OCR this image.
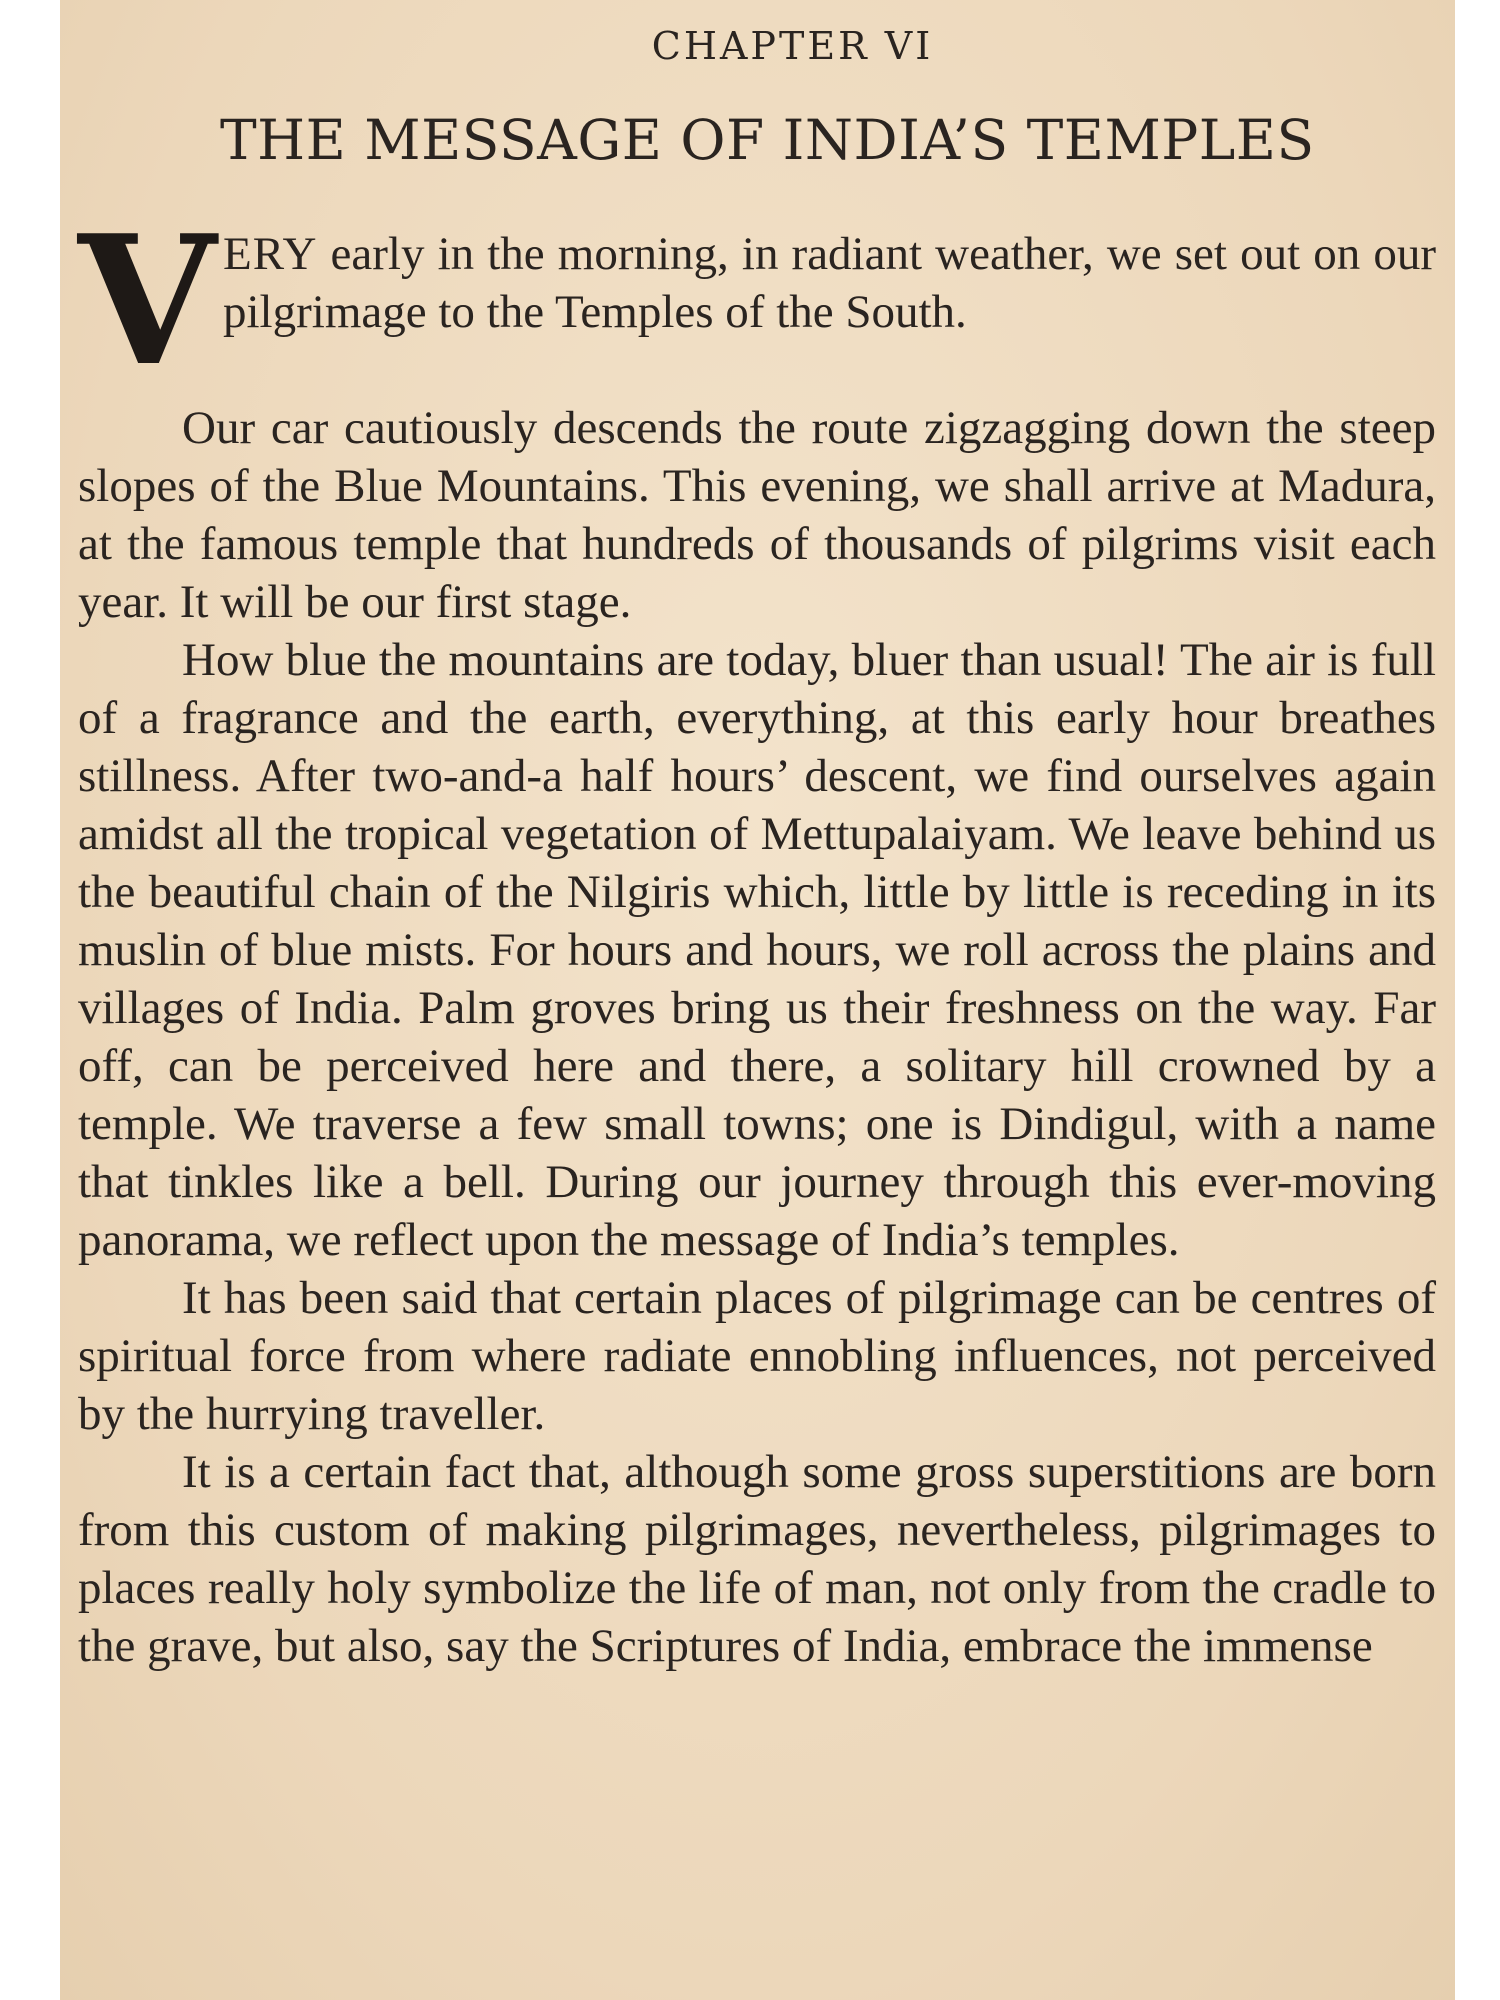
CHAPTER VI
THE MESSAGE OF INDIA’S TEMPLES

V ERY early in the morning, in radiant weather, we set out on our pilgrimage to the Temples of the South.

Our car cautiously descends the route zigzagging down the steep slopes of the Blue Mountains. This evening, we shall arrive at Madura, at the famous temple that hundreds of thousands of pilgrims visit each year. It will be our first stage.

How blue the mountains are today, bluer than usual! The air is full of a fragrance and the earth, everything, at this early hour breathes stillness. After two-and-a half hours’ descent, we find ourselves again amidst all the tropical vegetation of Mettupalaiyam. We leave behind us the beautiful chain of the Nilgiris which, little by little is receding in its muslin of blue mists. For hours and hours, we roll across the plains and villages of India. Palm groves bring us their freshness on the way. Far off, can be perceived here and there, a solitary hill crowned by a temple. We traverse a few small towns; one is Dindigul, with a name that tinkles like a bell. During our journey through this ever-moving panorama, we reflect upon the message of India’s temples.

It has been said that certain places of pilgrimage can be centres of spiritual force from where radiate ennobling influences, not perceived by the hurrying traveller.

It is a certain fact that, although some gross superstitions are born from this custom of making pilgrimages, nevertheless, pilgrimages to places really holy symbolize the life of man, not only from the cradle to the grave, but also, say the Scriptures of India, embrace the immense
